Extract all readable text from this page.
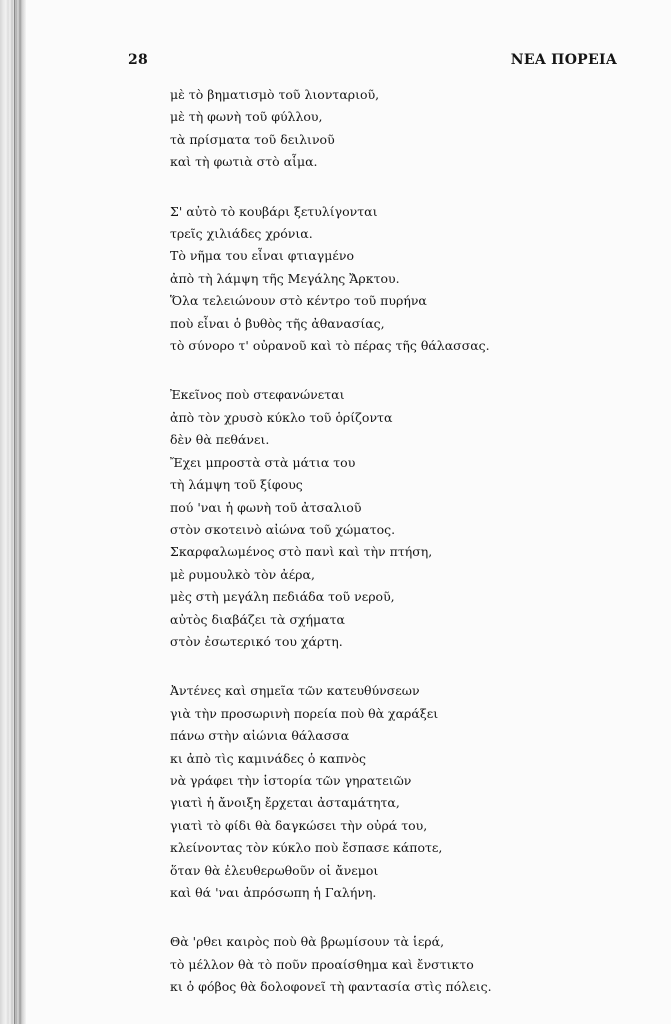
28	ΝΕΑ ΠΟΡΕΙΑ
μὲ τὸ βηματισμὸ τοῦ λιονταριοῦ,
μὲ τὴ φωνὴ τοῦ φύλλου,
τὰ πρίσματα τοῦ δειλινοῦ
καὶ τὴ φωτιὰ στὸ αἷμα.
Σ' αὐτὸ τὸ κουβάρι ξετυλίγονται
τρεῖς χιλιάδες χρόνια.
Τὸ νῆμα του εἶναι φτιαγμένο
ἀπὸ τὴ λάμψη τῆς Μεγάλης Ἄρκτου.
Ὅλα τελειώνουν στὸ κέντρο τοῦ πυρήνα
ποὺ εἶναι ὁ βυθὸς τῆς ἀθανασίας,
τὸ σύνορο τ' οὐρανοῦ καὶ τὸ πέρας τῆς θάλασσας.
Ἐκεῖνος ποὺ στεφανώνεται
ἀπὸ τὸν χρυσὸ κύκλο τοῦ ὁρίζοντα
δὲν θὰ πεθάνει.
Ἔχει μπροστὰ στὰ μάτια του
τὴ λάμψη τοῦ ξίφους
πού 'ναι ἡ φωνὴ τοῦ ἀτσαλιοῦ
στὸν σκοτεινὸ αἰώνα τοῦ χώματος.
Σκαρφαλωμένος στὸ πανὶ καὶ τὴν πτήση,
μὲ ρυμουλκὸ τὸν ἀέρα,
μὲς στὴ μεγάλη πεδιάδα τοῦ νεροῦ,
αὐτὸς διαβάζει τὰ σχήματα
στὸν ἐσωτερικό του χάρτη.
Ἀντένες καὶ σημεῖα τῶν κατευθύνσεων
γιὰ τὴν προσωρινὴ πορεία ποὺ θὰ χαράξει
πάνω στὴν αἰώνια θάλασσα
κι ἀπὸ τὶς καμινάδες ὁ καπνὸς
νὰ γράφει τὴν ἱστορία τῶν γηρατειῶν
γιατὶ ἡ ἄνοιξη ἔρχεται ἀσταμάτητα,
γιατὶ τὸ φίδι θὰ δαγκώσει τὴν οὐρά του,
κλείνοντας τὸν κύκλο ποὺ ἔσπασε κάποτε,
ὅταν θὰ ἐλευθερωθοῦν οἱ ἄνεμοι
καὶ θά 'ναι ἀπρόσωπη ἡ Γαλήνη.
Θὰ 'ρθει καιρὸς ποὺ θὰ βρωμίσουν τὰ ἱερά,
τὸ μέλλον θὰ τὸ ποῦν προαίσθημα καὶ ἔνστικτο
κι ὁ φόβος θὰ δολοφονεῖ τὴ φαντασία στὶς πόλεις.
